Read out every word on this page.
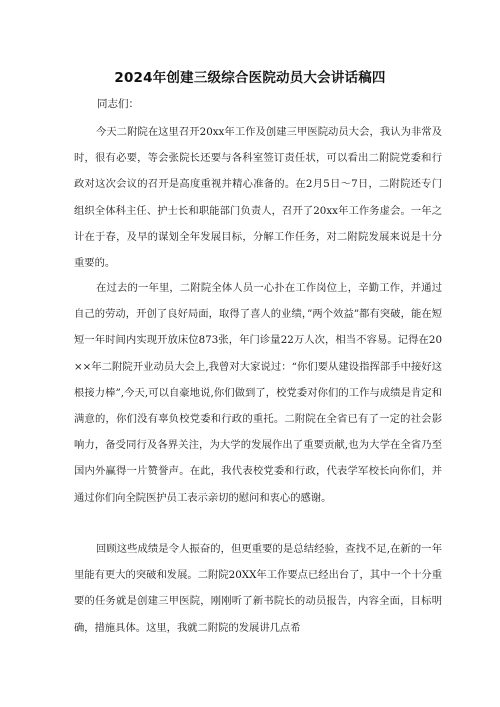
2024年创建三级综合医院动员大会讲话稿四
同志们：
今天二附院在这里召开20xx年工作及创建三甲医院动员大会，我认为非常及时，很有必要，等会张院长还要与各科室签订责任状，可以看出二附院党委和行政对这次会议的召开是高度重视并精心准备的。在2月5日～7日，二附院还专门组织全体科主任、护士长和职能部门负责人，召开了20xx年工作务虚会。一年之计在于春，及早的谋划全年发展目标，分解工作任务，对二附院发展来说是十分重要的。
在过去的一年里，二附院全体人员一心扑在工作岗位上，辛勤工作，并通过自己的劳动，开创了良好局面，取得了喜人的业绩，”两个效益”都有突破，能在短短一年时间内实现开放床位873张，年门诊量22万人次，相当不容易。记得在20××年二附院开业动员大会上,我曾对大家说过：“你们要从建设指挥部手中接好这根接力棒”,今天,可以自豪地说,你们做到了，校党委对你们的工作与成绩是肯定和满意的，你们没有辜负校党委和行政的重托。二附院在全省已有了一定的社会影响力，备受同行及各界关注，为大学的发展作出了重要贡献,也为大学在全省乃至国内外赢得一片赞誉声。在此，我代表校党委和行政，代表学军校长向你们，并通过你们向全院医护员工表示亲切的慰问和衷心的感谢。
回顾这些成绩是令人振奋的，但更重要的是总结经验，查找不足,在新的一年里能有更大的突破和发展。二附院20XX年工作要点已经出台了，其中一个十分重要的任务就是创建三甲医院，刚刚听了新书院长的动员报告，内容全面，目标明确，措施具体。这里，我就二附院的发展讲几点希
